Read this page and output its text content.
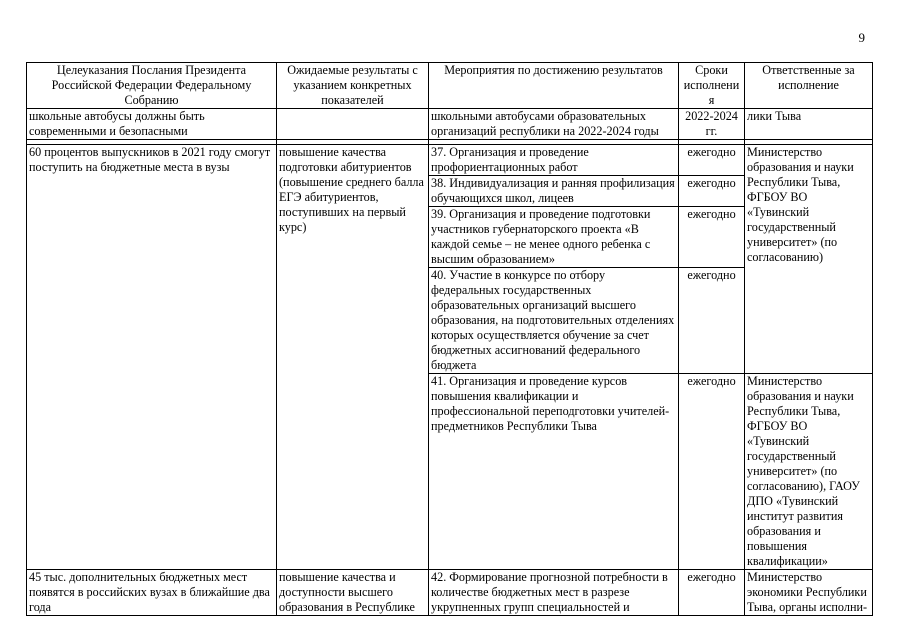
9
Целеуказания Послания Президента Российской Федерации Федеральному Собранию	Ожидаемые результаты с указанием конкретных показателей	Мероприятия по достижению результатов	Сроки исполнения	Ответственные за исполнение
школьные автобусы должны быть современными и безопасными		школьными автобусами образовательных организаций республики на 2022-2024 годы	2022-2024 гг.	лики Тыва

60 процентов выпускников в 2021 году смогут поступить на бюджетные места в вузы	повышение качества подготовки абитуриентов (повышение среднего балла ЕГЭ абитуриентов, поступивших на первый курс)	37. Организация и проведение профориентационных работ	ежегодно	Министерство образования и науки Республики Тыва, ФГБОУ ВО «Тувинский государственный университет» (по согласованию)
		38. Индивидуализация и ранняя профилизация обучающихся школ, лицеев	ежегодно	
		39. Организация и проведение подготовки участников губернаторского проекта «В каждой семье – не менее одного ребенка с высшим образованием»	ежегодно	
		40. Участие в конкурсе по отбору федеральных государственных образовательных организаций высшего образования, на подготовительных отделениях которых осуществляется обучение за счет бюджетных ассигнований федерального бюджета	ежегодно	
		41. Организация и проведение курсов повышения квалификации и профессиональной переподготовки учителей-предметников Республики Тыва	ежегодно	Министерство образования и науки Республики Тыва, ФГБОУ ВО «Тувинский государственный университет» (по согласованию), ГАОУ ДПО «Тувинский институт развития образования и повышения квалификации»
45 тыс. дополнительных бюджетных мест появятся в российских вузах в ближайшие два года	повышение качества и доступности высшего образования в Республике	42. Формирование прогнозной потребности в количестве бюджетных мест в разрезе укрупненных групп специальностей и	ежегодно	Министерство экономики Республики Тыва, органы исполни-
